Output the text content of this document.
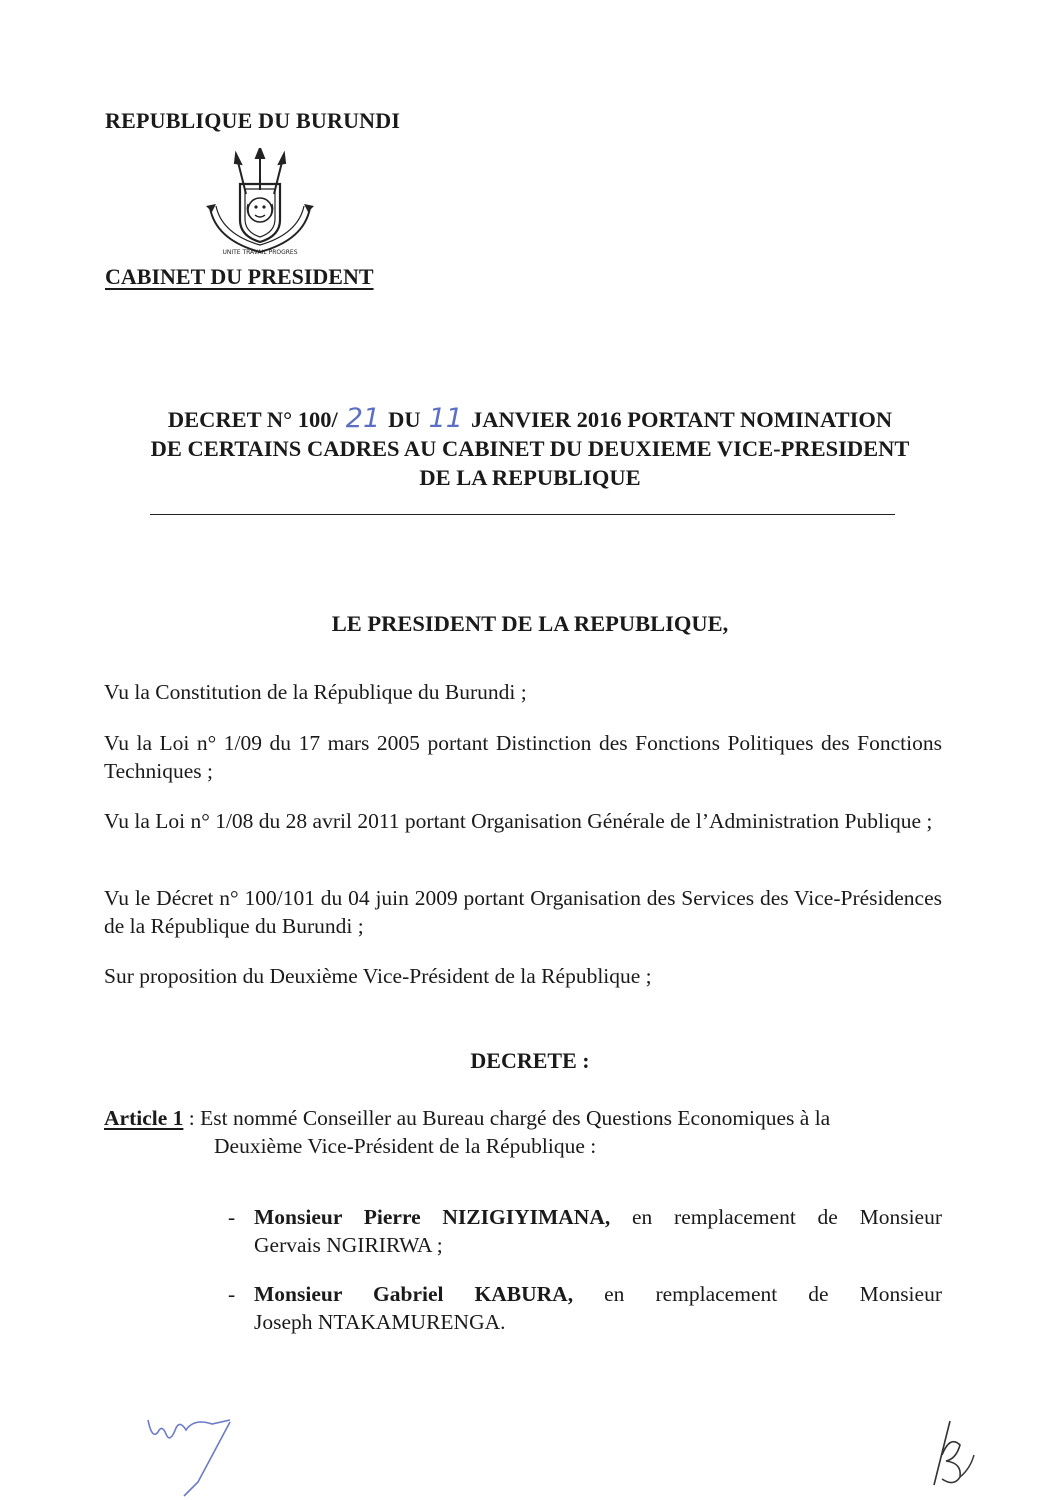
REPUBLIQUE DU BURUNDI
UNITE TRAVAIL PROGRES
CABINET DU PRESIDENT
DECRET N° 100/ 21 DU 11 JANVIER 2016 PORTANT NOMINATION
DE CERTAINS CADRES AU CABINET DU DEUXIEME VICE-PRESIDENT
DE LA REPUBLIQUE
LE PRESIDENT DE LA REPUBLIQUE,
Vu la Constitution de la République du Burundi ;
Vu la Loi n° 1/09 du 17 mars 2005 portant Distinction des Fonctions Politiques des Fonctions Techniques ;
Vu la Loi n° 1/08 du 28 avril 2011 portant Organisation Générale de l’Administration Publique ;
Vu le Décret n° 100/101 du 04 juin 2009 portant Organisation des Services des Vice-Présidences de la République du Burundi ;
Sur proposition du Deuxième Vice-Président de la République ;
DECRETE :
Article 1 : Est nommé Conseiller au Bureau chargé des Questions Economiques à la
Deuxième Vice-Président de la République :
- Monsieur Pierre NIZIGIYIMANA, en remplacement de Monsieur
Gervais NGIRIRWA ;
- Monsieur Gabriel KABURA, en remplacement de Monsieur
Joseph NTAKAMURENGA.
